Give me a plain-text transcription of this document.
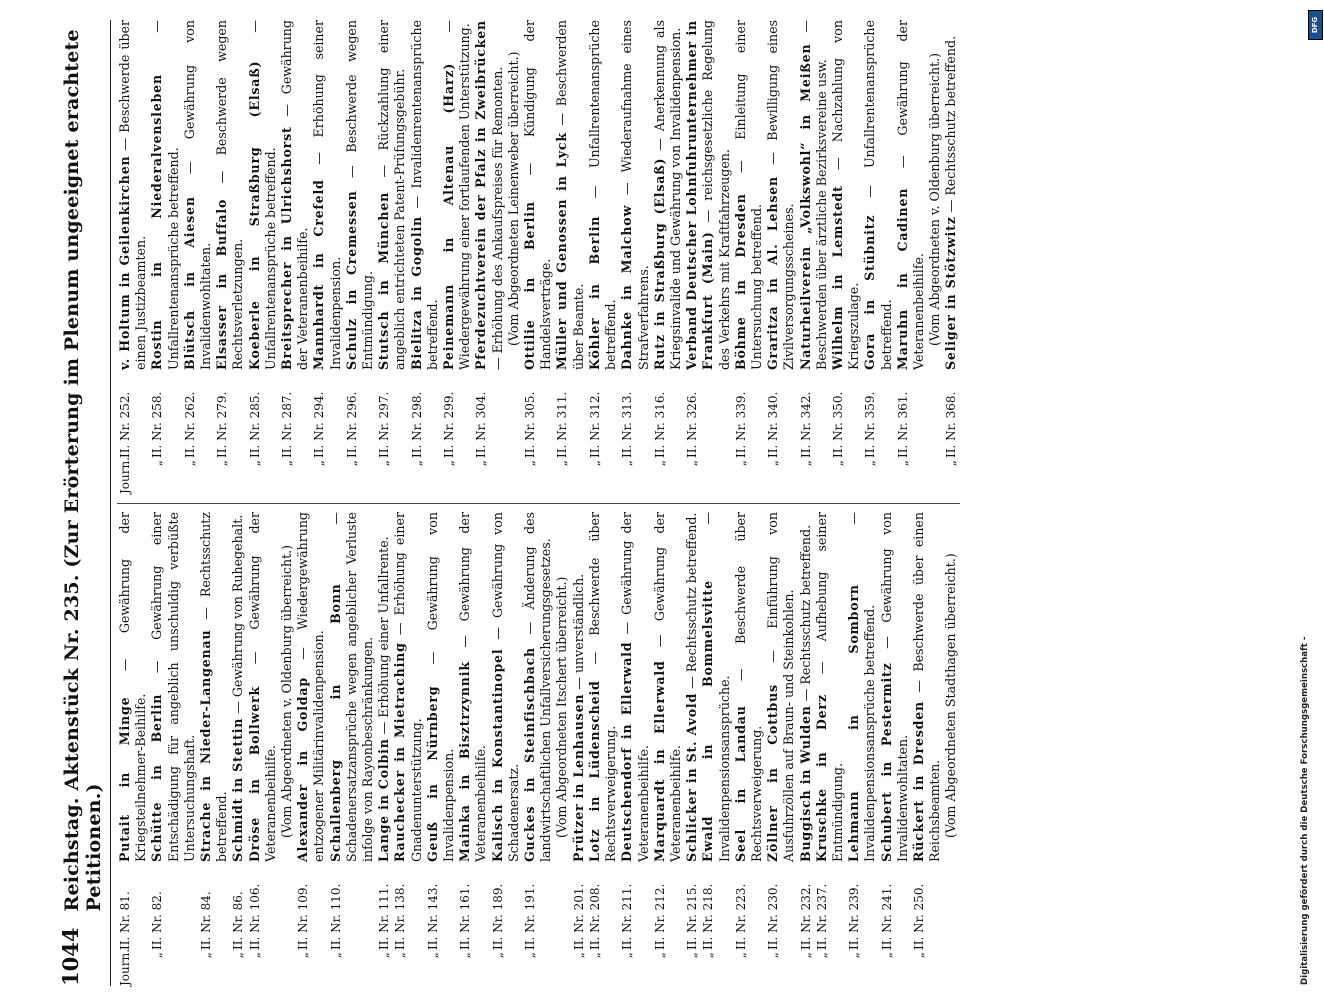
1044
Reichstag. Aktenstück Nr. 235. (Zur Erörterung im Plenum ungeeignet erachtete Petitionen.)
Journ.
II. Nr. 81.
Putait in Minge — Gewährung der Kriegsteilnehmer-Beihilfe.
„
II. Nr. 82.
Schütte in Berlin — Gewährung einer Entschädigung für angeblich unschuldig verbüßte Untersuchungshaft.
„
II. Nr. 84.
Strache in Nieder-Langenau — Rechtsschutz betreffend.
„
II. Nr. 86.
Schmidt in Stettin — Gewährung von Ruhegehalt.
„
II. Nr. 106.
Dröse in Bollwerk — Gewährung der Veteranenbeihilfe. (Vom Abgeordneten v. Oldenburg überreicht.)
„
II. Nr. 109.
Alexander in Goldap — Wiedergewährung entzogener Militärinvalidenpension.
„
II. Nr. 110.
Schallenberg in Bonn — Schadenersatzansprüche wegen angeblicher Verluste infolge von Rayonbeschränkungen.
„
II. Nr. 111.
Lange in Colbin — Erhöhung einer Unfallrente.
„
II. Nr. 138.
Rauchecker in Mietraching — Erhöhung einer Gnadenunterstützung.
„
II. Nr. 143.
Geuß in Nürnberg — Gewährung von Invalidenpension.
„
II. Nr. 161.
Mainka in Bisztrzynnik — Gewährung der Veteranenbeihilfe.
„
II. Nr. 189.
Kalisch in Konstantinopel — Gewährung von Schadenersatz.
„
II. Nr. 191.
Guckes in Steinfischbach — Änderung des landwirtschaftlichen Unfallversicherungsgesetzes. (Vom Abgeordneten Itschert überreicht.)
„
II. Nr. 201.
Prützer in Lenhausen — unverständlich.
„
II. Nr. 208.
Lotz in Lüdenscheid — Beschwerde über Rechtsverweigerung.
„
II. Nr. 211.
Deutschendorf in Ellerwald — Gewährung der Veteranenbeihilfe.
„
II. Nr. 212.
Marquardt in Ellerwald — Gewährung der Veteranenbeihilfe.
„
II. Nr. 215.
Schlicker in St. Avold — Rechtsschutz betreffend.
„
II. Nr. 218.
Ewald in Bommelsvitte — Invalidenpensionsansprüche.
„
II. Nr. 223.
Seel in Landau — Beschwerde über Rechtsverweigerung.
„
II. Nr. 230.
Zöllner in Cottbus — Einführung von Ausfuhrzöllen auf Braun- und Steinkohlen.
„
II. Nr. 232.
Buggisch in Wulden — Rechtsschutz betreffend.
„
II. Nr. 237.
Kruschke in Derz — Aufhebung seiner Entmündigung.
„
II. Nr. 239.
Lehmann in Somborn — Invalidenpensionsansprüche betreffend.
„
II. Nr. 241.
Schubert in Pestermitz — Gewährung von Invalidenwohltaten.
„
II. Nr. 250.
Rückert in Dresden — Beschwerde über einen Reichsbeamten. (Vom Abgeordneten Stadthagen überreicht.)
Journ.
II. Nr. 252.
v. Holtum in Geilenkirchen — Beschwerde über einen Justizbeamten.
„
II. Nr. 258.
Rostin in Niederalvensleben — Unfallrentenansprüche betreffend.
„
II. Nr. 262.
Blütsch in Aiesen — Gewährung von Invalidenwohltaten.
„
II. Nr. 279.
Elsasser in Buffalo — Beschwerde wegen Rechtsverletzungen.
„
II. Nr. 285.
Koeberle in Straßburg (Elsaß) — Unfallrentenansprüche betreffend.
„
II. Nr. 287.
Breitsprecher in Ulrichshorst — Gewährung der Veteranenbeihilfe.
„
II. Nr. 294.
Mannhardt in Crefeld — Erhöhung seiner Invalidenpension.
„
II. Nr. 296.
Schulz in Cremessen — Beschwerde wegen Entmündigung.
„
II. Nr. 297.
Stutsch in München — Rückzahlung einer angeblich entrichteten Patent-Prüfungsgebühr.
„
II. Nr. 298.
Bielitza in Gogolin — Invalidenrentenansprüche betreffend.
„
II. Nr. 299.
Peinemann in Altenau (Harz) — Wiedergewährung einer fortlaufenden Unterstützung.
„
II. Nr. 304.
Pferdezuchtverein der Pfalz in Zweibrücken — Erhöhung des Ankaufspreises für Remonten. (Vom Abgeordneten Leinenweber überreicht.)
„
II. Nr. 305.
Ottilie in Berlin — Kündigung der Handelsverträge.
„
II. Nr. 311.
Müller und Genossen in Lyck — Beschwerden über Beamte.
„
II. Nr. 312.
Köhler in Berlin — Unfallrentenansprüche betreffend.
„
II. Nr. 313.
Dahnke in Malchow — Wiederaufnahme eines Strafverfahrens.
„
II. Nr. 316.
Rutz in Straßburg (Elsaß) — Anerkennung als Kriegsinvalide und Gewährung von Invalidenpension.
„
II. Nr. 326.
Verband Deutscher Lohnfuhrunternehmer in Frankfurt (Main) — reichsgesetzliche Regelung des Verkehrs mit Kraftfahrzeugen.
„
II. Nr. 339.
Böhme in Dresden — Einleitung einer Untersuchung betreffend.
„
II. Nr. 340.
Graritza in Al. Lehsen — Bewilligung eines Zivilversorgungsscheines.
„
II. Nr. 342.
Naturheilverein „Volkswohl“ in Meißen — Beschwerden über ärztliche Bezirksvereine usw.
„
II. Nr. 350.
Wilhelm in Lemstedt — Nachzahlung von Kriegszulage.
„
II. Nr. 359.
Gora in Stübnitz — Unfallrentenansprüche betreffend.
„
II. Nr. 361.
Maruhn in Cadinen — Gewährung der Veteranenbeihilfe. (Vom Abgeordneten v. Oldenburg überreicht.)
„
II. Nr. 368.
Seliger in Stötzwitz — Rechtsschutz betreffend.
Digitalisierung gefördert durch die Deutsche Forschungsgemeinschaft -
DFG
